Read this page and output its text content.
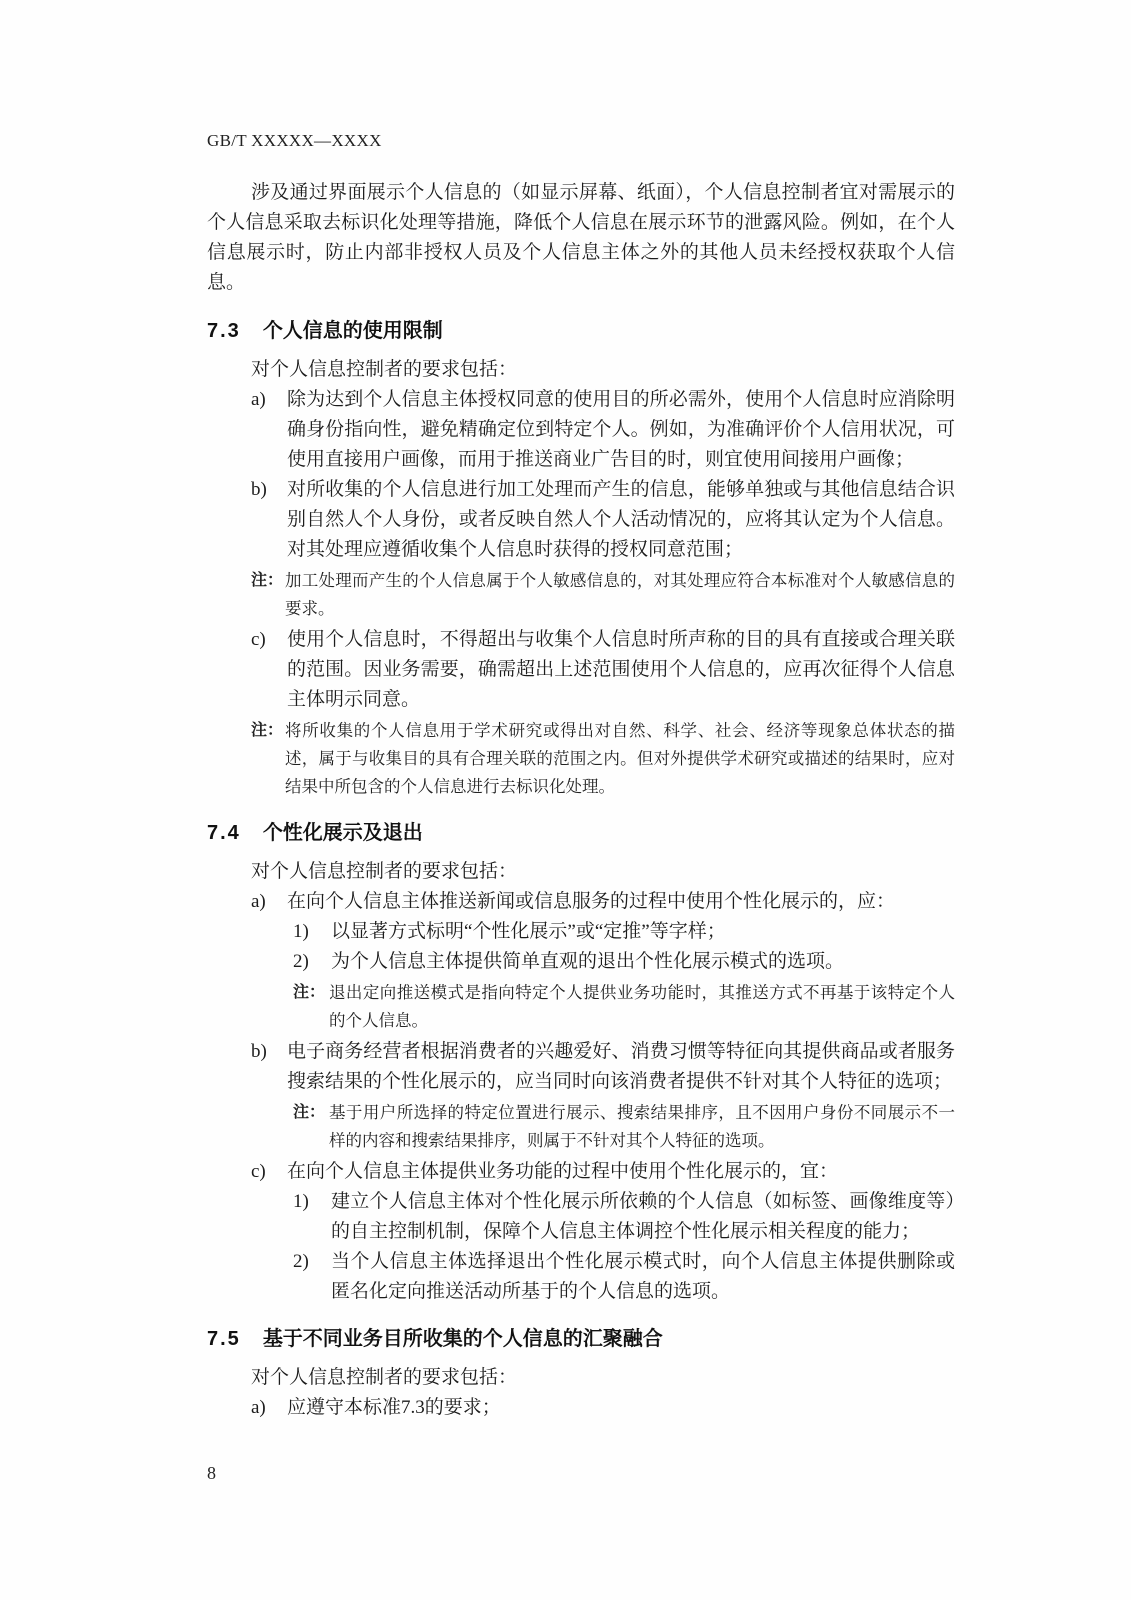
GB/T XXXXX—XXXX

涉及通过界面展示个人信息的（如显示屏幕、纸面），个人信息控制者宜对需展示的个人信息采取去标识化处理等措施，降低个人信息在展示环节的泄露风险。例如，在个人信息展示时，防止内部非授权人员及个人信息主体之外的其他人员未经授权获取个人信息。

7.3 个人信息的使用限制
对个人信息控制者的要求包括：
a)	除为达到个人信息主体授权同意的使用目的所必需外，使用个人信息时应消除明确身份指向性，避免精确定位到特定个人。例如，为准确评价个人信用状况，可使用直接用户画像，而用于推送商业广告目的时，则宜使用间接用户画像；
b)	对所收集的个人信息进行加工处理而产生的信息，能够单独或与其他信息结合识别自然人个人身份，或者反映自然人个人活动情况的，应将其认定为个人信息。对其处理应遵循收集个人信息时获得的授权同意范围；
注： 加工处理而产生的个人信息属于个人敏感信息的，对其处理应符合本标准对个人敏感信息的要求。
c)	使用个人信息时，不得超出与收集个人信息时所声称的目的具有直接或合理关联的范围。因业务需要，确需超出上述范围使用个人信息的，应再次征得个人信息主体明示同意。
注： 将所收集的个人信息用于学术研究或得出对自然、科学、社会、经济等现象总体状态的描述，属于与收集目的具有合理关联的范围之内。但对外提供学术研究或描述的结果时，应对结果中所包含的个人信息进行去标识化处理。
7.4 个性化展示及退出
对个人信息控制者的要求包括：
a)	在向个人信息主体推送新闻或信息服务的过程中使用个性化展示的，应：
1)	以显著方式标明“个性化展示”或“定推”等字样；
2)	为个人信息主体提供简单直观的退出个性化展示模式的选项。
注： 退出定向推送模式是指向特定个人提供业务功能时，其推送方式不再基于该特定个人的个人信息。
b)	电子商务经营者根据消费者的兴趣爱好、消费习惯等特征向其提供商品或者服务搜索结果的个性化展示的，应当同时向该消费者提供不针对其个人特征的选项；
注： 基于用户所选择的特定位置进行展示、搜索结果排序，且不因用户身份不同展示不一样的内容和搜索结果排序，则属于不针对其个人特征的选项。
c)	在向个人信息主体提供业务功能的过程中使用个性化展示的，宜：
1)	建立个人信息主体对个性化展示所依赖的个人信息（如标签、画像维度等）的自主控制机制，保障个人信息主体调控个性化展示相关程度的能力；
2)	当个人信息主体选择退出个性化展示模式时，向个人信息主体提供删除或匿名化定向推送活动所基于的个人信息的选项。
7.5 基于不同业务目所收集的个人信息的汇聚融合
对个人信息控制者的要求包括：
a)	应遵守本标准7.3的要求；
8
